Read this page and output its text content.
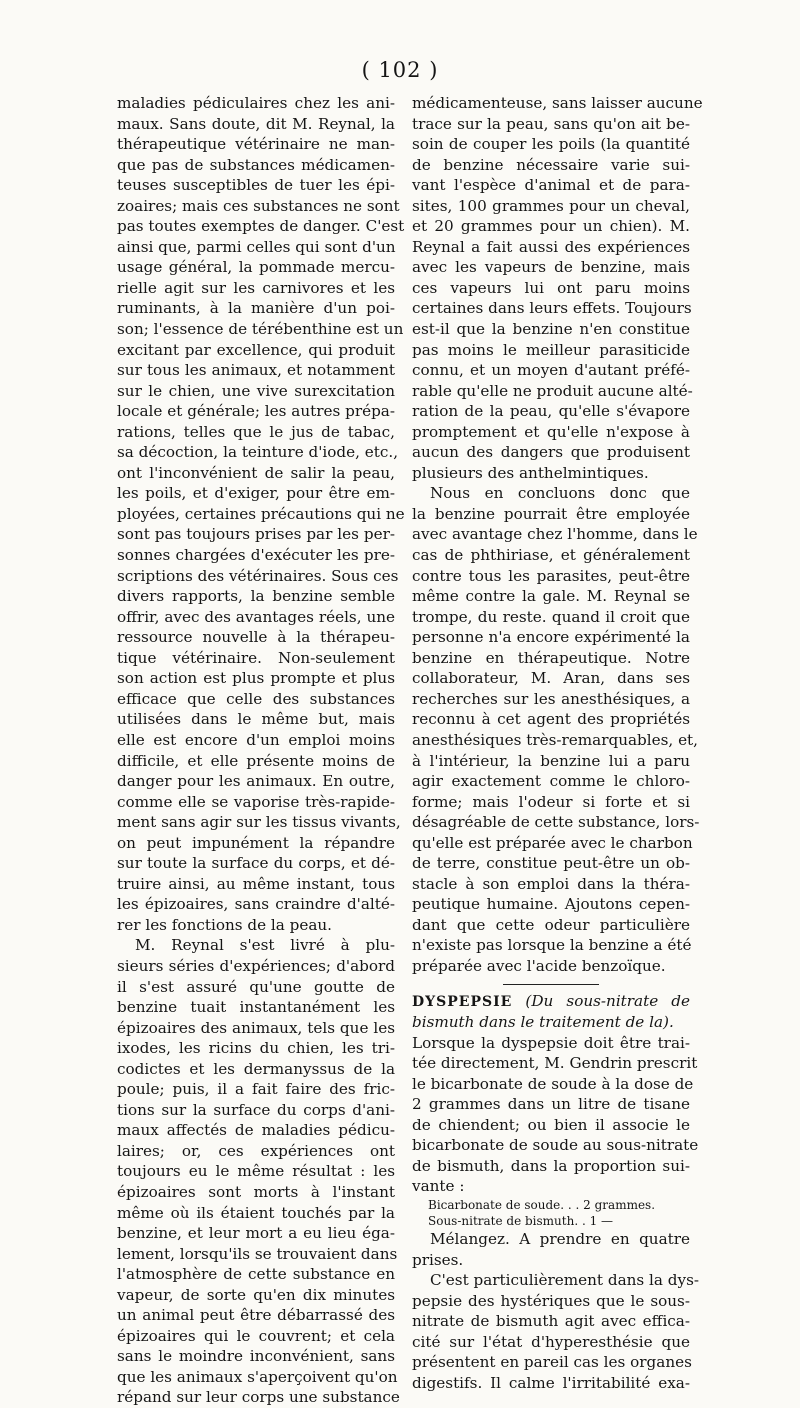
( 102 )

maladies pédiculaires chez les ani-
maux. Sans doute, dit M. Reynal, la
thérapeutique vétérinaire ne man-
que pas de substances médicamen-
teuses susceptibles de tuer les épi-
zoaires; mais ces substances ne sont
pas toutes exemptes de danger. C'est
ainsi que, parmi celles qui sont d'un
usage général, la pommade mercu-
rielle agit sur les carnivores et les
ruminants, à la manière d'un poi-
son; l'essence de térébenthine est un
excitant par excellence, qui produit
sur tous les animaux, et notamment
sur le chien, une vive surexcitation
locale et générale; les autres prépa-
rations, telles que le jus de tabac,
sa décoction, la teinture d'iode, etc.,
ont l'inconvénient de salir la peau,
les poils, et d'exiger, pour être em-
ployées, certaines précautions qui ne
sont pas toujours prises par les per-
sonnes chargées d'exécuter les pre-
scriptions des vétérinaires. Sous ces
divers rapports, la benzine semble
offrir, avec des avantages réels, une
ressource nouvelle à la thérapeu-
tique vétérinaire. Non-seulement
son action est plus prompte et plus
efficace que celle des substances
utilisées dans le même but, mais
elle est encore d'un emploi moins
difficile, et elle présente moins de
danger pour les animaux. En outre,
comme elle se vaporise très-rapide-
ment sans agir sur les tissus vivants,
on peut impunément la répandre
sur toute la surface du corps, et dé-
truire ainsi, au même instant, tous
les épizoaires, sans craindre d'alté-
rer les fonctions de la peau.
M. Reynal s'est livré à plu-
sieurs séries d'expériences; d'abord
il s'est assuré qu'une goutte de
benzine tuait instantanément les
épizoaires des animaux, tels que les
ixodes, les ricins du chien, les tri-
codictes et les dermanyssus de la
poule; puis, il a fait faire des fric-
tions sur la surface du corps d'ani-
maux affectés de maladies pédicu-
laires; or, ces expériences ont
toujours eu le même résultat : les
épizoaires sont morts à l'instant
même où ils étaient touchés par la
benzine, et leur mort a eu lieu éga-
lement, lorsqu'ils se trouvaient dans
l'atmosphère de cette substance en
vapeur, de sorte qu'en dix minutes
un animal peut être débarrassé des
épizoaires qui le couvrent; et cela
sans le moindre inconvénient, sans
que les animaux s'aperçoivent qu'on
répand sur leur corps une substance

médicamenteuse, sans laisser aucune
trace sur la peau, sans qu'on ait be-
soin de couper les poils (la quantité
de benzine nécessaire varie sui-
vant l'espèce d'animal et de para-
sites, 100 grammes pour un cheval,
et 20 grammes pour un chien). M.
Reynal a fait aussi des expériences
avec les vapeurs de benzine, mais
ces vapeurs lui ont paru moins
certaines dans leurs effets. Toujours
est-il que la benzine n'en constitue
pas moins le meilleur parasiticide
connu, et un moyen d'autant préfé-
rable qu'elle ne produit aucune alté-
ration de la peau, qu'elle s'évapore
promptement et qu'elle n'expose à
aucun des dangers que produisent
plusieurs des anthelmintiques.

Nous en concluons donc que
la benzine pourrait être employée
avec avantage chez l'homme, dans le
cas de phthiriase, et généralement
contre tous les parasites, peut-être
même contre la gale. M. Reynal se
trompe, du reste. quand il croit que
personne n'a encore expérimenté la
benzine en thérapeutique. Notre
collaborateur, M. Aran, dans ses
recherches sur les anesthésiques, a
reconnu à cet agent des propriétés
anesthésiques très-remarquables, et,
à l'intérieur, la benzine lui a paru
agir exactement comme le chloro-
forme; mais l'odeur si forte et si
désagréable de cette substance, lors-
qu'elle est préparée avec le charbon
de terre, constitue peut-être un ob-
stacle à son emploi dans la théra-
peutique humaine. Ajoutons cepen-
dant que cette odeur particulière
n'existe pas lorsque la benzine a été
préparée avec l'acide benzoïque.

DYSPEPSIE (Du sous-nitrate de
bismuth dans le traitement de la).

Lorsque la dyspepsie doit être trai-
tée directement, M. Gendrin prescrit
le bicarbonate de soude à la dose de
2 grammes dans un litre de tisane
de chiendent; ou bien il associe le
bicarbonate de soude au sous-nitrate
de bismuth, dans la proportion sui-
vante :

Bicarbonate de soude. . . 2 grammes.
Sous-nitrate de bismuth. . 1 —

Mélangez. A prendre en quatre
prises.

C'est particulièrement dans la dys-
pepsie des hystériques que le sous-
nitrate de bismuth agit avec effica-
cité sur l'état d'hyperesthésie que
présentent en pareil cas les organes
digestifs. Il calme l'irritabilité exa-
